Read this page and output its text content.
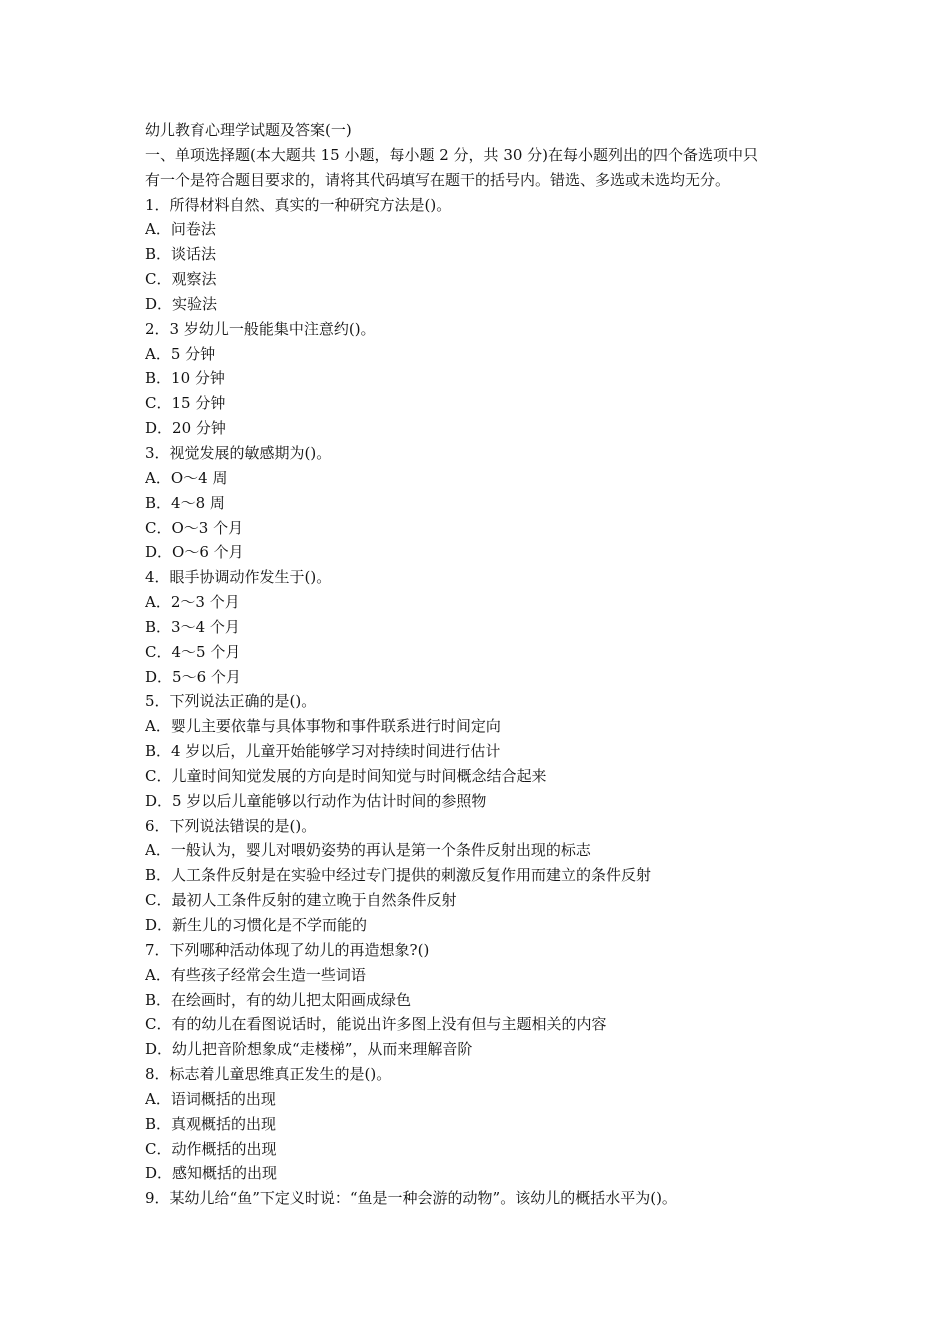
幼儿教育心理学试题及答案(一)
一、单项选择题(本大题共 15 小题，每小题 2 分，共 30 分)在每小题列出的四个备选项中只
有一个是符合题目要求的，请将其代码填写在题干的括号内。错选、多选或未选均无分。
1．所得材料自然、真实的一种研究方法是()。
A．问卷法
B．谈话法
C．观察法
D．实验法
2．3 岁幼儿一般能集中注意约()。
A．5 分钟
B．10 分钟
C．15 分钟
D．20 分钟
3．视觉发展的敏感期为()。
A．O～4 周
B．4～8 周
C．O～3 个月
D．O～6 个月
4．眼手协调动作发生于()。
A．2～3 个月
B．3～4 个月
C．4～5 个月
D．5～6 个月
5．下列说法正确的是()。
A．婴儿主要依靠与具体事物和事件联系进行时间定向
B．4 岁以后，儿童开始能够学习对持续时间进行估计
C．儿童时间知觉发展的方向是时间知觉与时间概念结合起来
D．5 岁以后儿童能够以行动作为估计时间的参照物
6．下列说法错误的是()。
A．一般认为，婴儿对喂奶姿势的再认是第一个条件反射出现的标志
B．人工条件反射是在实验中经过专门提供的刺激反复作用而建立的条件反射
C．最初人工条件反射的建立晚于自然条件反射
D．新生儿的习惯化是不学而能的
7．下列哪种活动体现了幼儿的再造想象?()
A．有些孩子经常会生造一些词语
B．在绘画时，有的幼儿把太阳画成绿色
C．有的幼儿在看图说话时，能说出许多图上没有但与主题相关的内容
D．幼儿把音阶想象成“走楼梯”，从而来理解音阶
8．标志着儿童思维真正发生的是()。
A．语词概括的出现
B．真观概括的出现
C．动作概括的出现
D．感知概括的出现
9．某幼儿给“鱼”下定义时说：“鱼是一种会游的动物”。该幼儿的概括水平为()。
